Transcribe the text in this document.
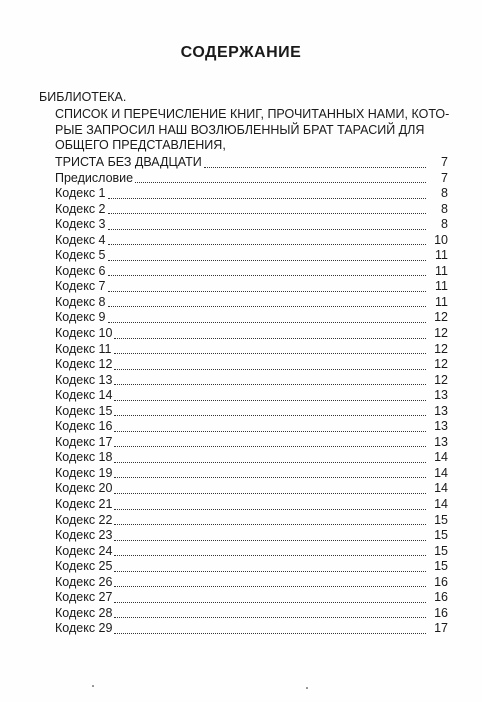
СОДЕРЖАНИЕ
БИБЛИОТЕКА.
СПИСОК И ПЕРЕЧИСЛЕНИЕ КНИГ, ПРОЧИТАННЫХ НАМИ, КОТОРЫЕ ЗАПРОСИЛ НАШ ВОЗЛЮБЛЕННЫЙ БРАТ ТАРАСИЙ ДЛЯ ОБЩЕГО ПРЕДСТАВЛЕНИЯ,
ТРИСТА БЕЗ ДВАДЦАТИ	7
Предисловие	7
Кодекс 1	8
Кодекс 2	8
Кодекс 3	8
Кодекс 4	10
Кодекс 5	11
Кодекс 6	11
Кодекс 7	11
Кодекс 8	11
Кодекс 9	12
Кодекс 10	12
Кодекс 11	12
Кодекс 12	12
Кодекс 13	12
Кодекс 14	13
Кодекс 15	13
Кодекс 16	13
Кодекс 17	13
Кодекс 18	14
Кодекс 19	14
Кодекс 20	14
Кодекс 21	14
Кодекс 22	15
Кодекс 23	15
Кодекс 24	15
Кодекс 25	15
Кодекс 26	16
Кодекс 27	16
Кодекс 28	16
Кодекс 29	17
